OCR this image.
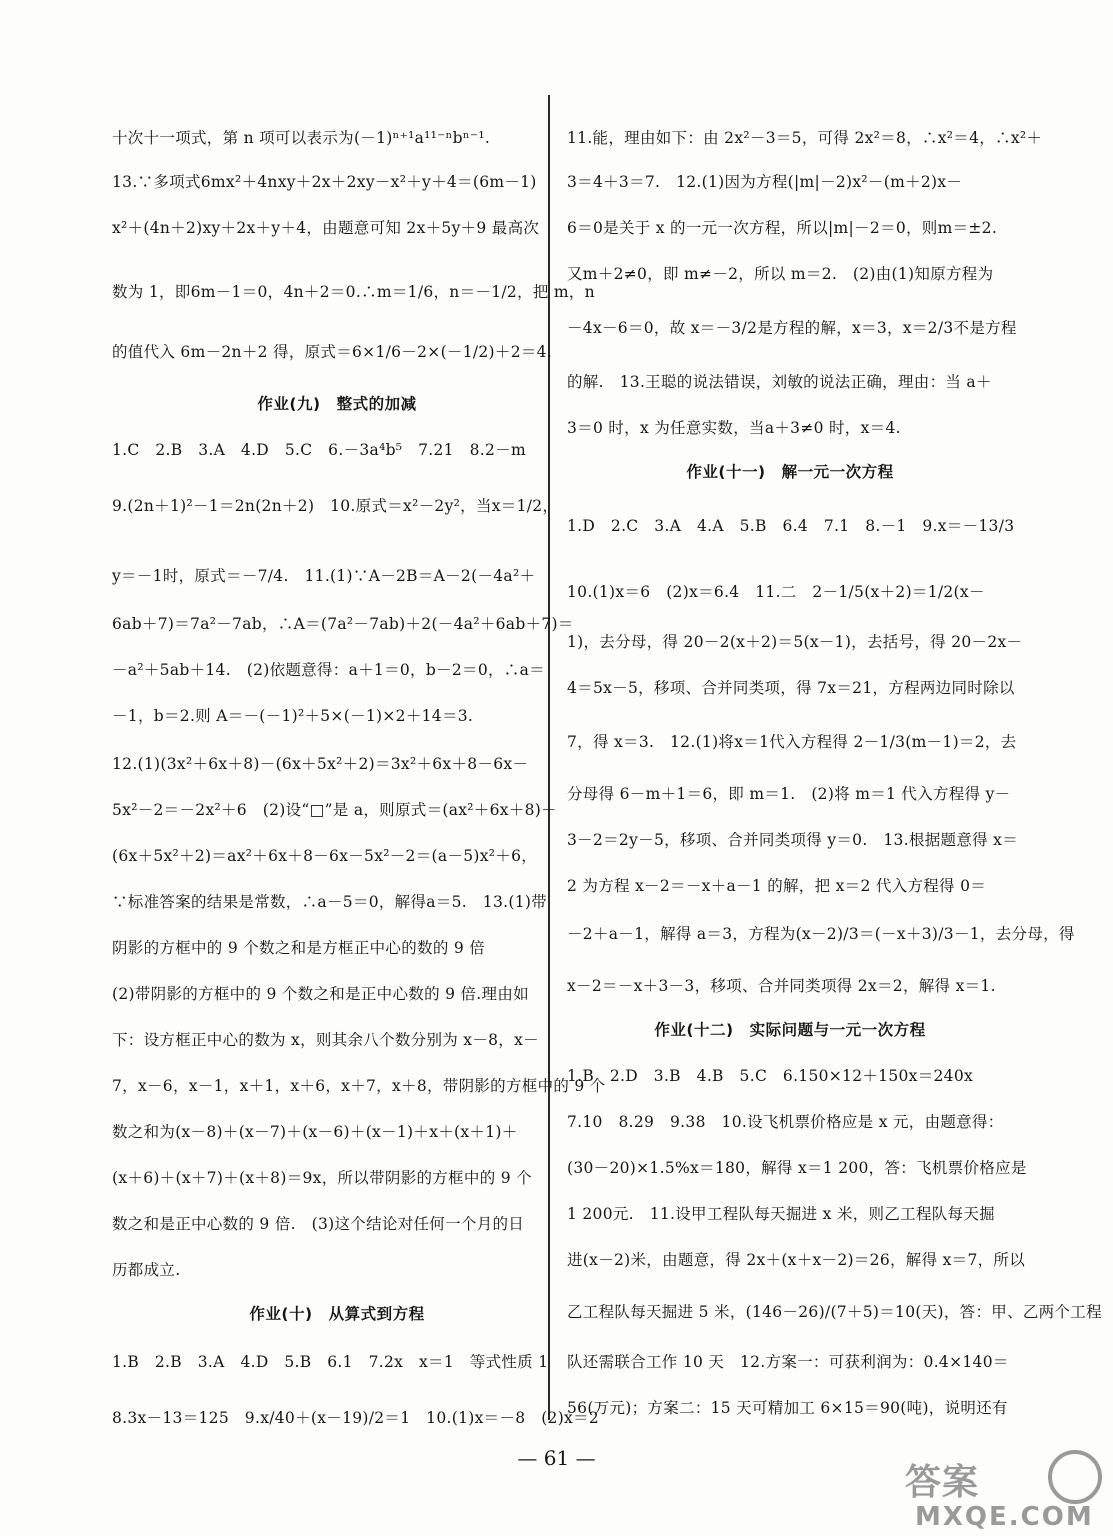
十次十一项式，第 n 项可以表示为(－1)ⁿ⁺¹a¹¹⁻ⁿbⁿ⁻¹.
13.∵多项式6mx²＋4nxy＋2x＋2xy－x²＋y＋4＝(6m－1)
x²＋(4n＋2)xy＋2x＋y＋4，由题意可知 2x＋5y＋9 最高次
数为 1，即6m－1＝0，4n＋2＝0.∴m＝1/6，n＝－1/2，把 m，n
的值代入 6m－2n＋2 得，原式＝6×1/6－2×(－1/2)＋2＝4.
作业(九)　整式的加减
1.C　2.B　3.A　4.D　5.C　6.－3a⁴b⁵　7.21　8.2－m
9.(2n＋1)²－1＝2n(2n＋2)　10.原式＝x²－2y²，当x＝1/2，
y＝－1时，原式＝－7/4.　11.(1)∵A－2B＝A－2(－4a²＋
6ab＋7)＝7a²－7ab，∴A＝(7a²－7ab)＋2(－4a²＋6ab＋7)＝
－a²＋5ab＋14.　(2)依题意得：a＋1＝0，b－2＝0，∴a＝
－1，b＝2.则 A＝－(－1)²＋5×(－1)×2＋14＝3.
12.(1)(3x²＋6x＋8)－(6x＋5x²＋2)＝3x²＋6x＋8－6x－
5x²－2＝－2x²＋6　(2)设“□”是 a，则原式＝(ax²＋6x＋8)－
(6x＋5x²＋2)＝ax²＋6x＋8－6x－5x²－2＝(a－5)x²＋6，
∵标准答案的结果是常数，∴a－5＝0，解得a＝5.　13.(1)带
阴影的方框中的 9 个数之和是方框正中心的数的 9 倍
(2)带阴影的方框中的 9 个数之和是正中心数的 9 倍.理由如
下：设方框正中心的数为 x，则其余八个数分别为 x－8，x－
7，x－6，x－1，x＋1，x＋6，x＋7，x＋8，带阴影的方框中的 9 个
数之和为(x－8)＋(x－7)＋(x－6)＋(x－1)＋x＋(x＋1)＋
(x＋6)＋(x＋7)＋(x＋8)＝9x，所以带阴影的方框中的 9 个
数之和是正中心数的 9 倍.　(3)这个结论对任何一个月的日
历都成立.
作业(十)　从算式到方程
1.B　2.B　3.A　4.D　5.B　6.1　7.2x　x＝1　等式性质 1
8.3x－13＝125　9.x/40＋(x－19)/2＝1　10.(1)x＝－8　(2)x＝2
11.能，理由如下：由 2x²－3＝5，可得 2x²＝8，∴x²＝4，∴x²＋
3＝4＋3＝7.　12.(1)因为方程(|m|－2)x²－(m＋2)x－
6＝0是关于 x 的一元一次方程，所以|m|－2＝0，则m＝±2.
又m＋2≠0，即 m≠－2，所以 m＝2.　(2)由(1)知原方程为
－4x－6＝0，故 x＝－3/2是方程的解，x＝3，x＝2/3不是方程
的解.　13.王聪的说法错误，刘敏的说法正确，理由：当 a＋
3＝0 时，x 为任意实数，当a＋3≠0 时，x＝4.
作业(十一)　解一元一次方程
1.D　2.C　3.A　4.A　5.B　6.4　7.1　8.－1　9.x＝－13/3
10.(1)x＝6　(2)x＝6.4　11.二　2－1/5(x＋2)＝1/2(x－
1)，去分母，得 20－2(x＋2)＝5(x－1)，去括号，得 20－2x－
4＝5x－5，移项、合并同类项，得 7x＝21，方程两边同时除以
7，得 x＝3.　12.(1)将x＝1代入方程得 2－1/3(m－1)＝2，去
分母得 6－m＋1＝6，即 m＝1.　(2)将 m＝1 代入方程得 y－
3－2＝2y－5，移项、合并同类项得 y＝0.　13.根据题意得 x＝
2 为方程 x－2＝－x＋a－1 的解，把 x＝2 代入方程得 0＝
－2＋a－1，解得 a＝3，方程为(x－2)/3＝(－x＋3)/3－1，去分母，得
x－2＝－x＋3－3，移项、合并同类项得 2x＝2，解得 x＝1.
作业(十二)　实际问题与一元一次方程
1.B　2.D　3.B　4.B　5.C　6.150×12＋150x＝240x
7.10　8.29　9.38　10.设飞机票价格应是 x 元，由题意得：
(30－20)×1.5%x＝180，解得 x＝1 200，答：飞机票价格应是
1 200元.　11.设甲工程队每天掘进 x 米，则乙工程队每天掘
进(x－2)米，由题意，得 2x＋(x＋x－2)＝26，解得 x＝7，所以
乙工程队每天掘进 5 米，(146－26)/(7＋5)＝10(天)，答：甲、乙两个工程
队还需联合工作 10 天　12.方案一：可获利润为：0.4×140＝
56(万元)；方案二：15 天可精加工 6×15＝90(吨)，说明还有
— 61 —
答案
MXQE.COM
